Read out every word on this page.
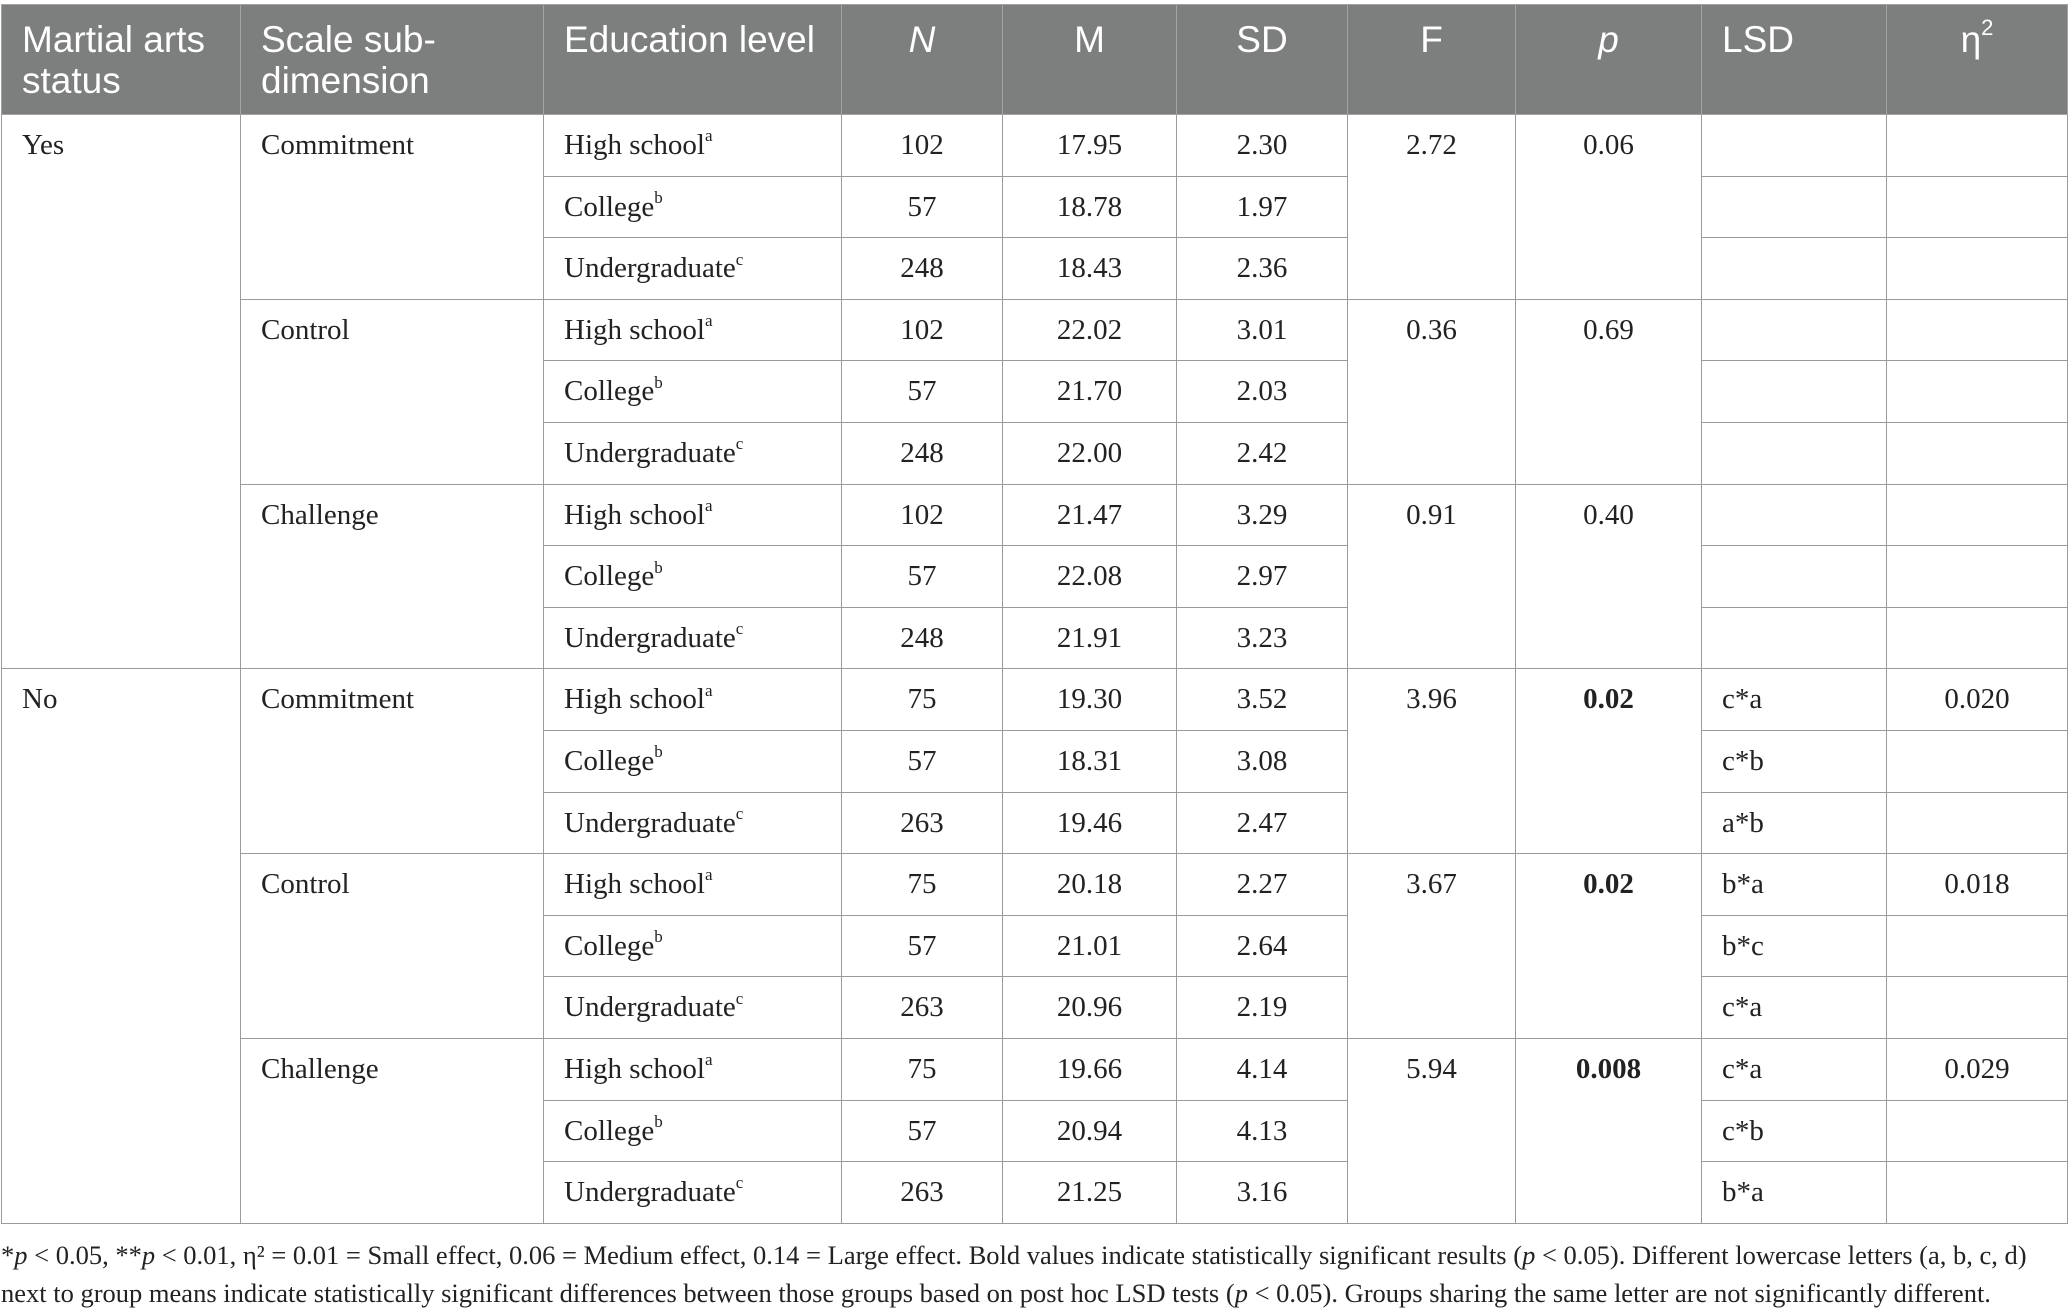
Martial arts status	Scale sub-dimension	Education level	N	M	SD	F	p	LSD	$\eta^2$
Yes	Commitment	High school$^a$	102	17.95	2.30	2.72	0.06		
		College$^b$	57	18.78	1.97				
		Undergraduate$^c$	248	18.43	2.36				
	Control	High school$^a$	102	22.02	3.01	0.36	0.69		
		College$^b$	57	21.70	2.03				
		Undergraduate$^c$	248	22.00	2.42				
	Challenge	High school$^a$	102	21.47	3.29	0.91	0.40		
		College$^b$	57	22.08	2.97				
		Undergraduate$^c$	248	21.91	3.23				
No	Commitment	High school$^a$	75	19.30	3.52	3.96	0.02	c*a	0.020
		College$^b$	57	18.31	3.08			c*b	
		Undergraduate$^c$	263	19.46	2.47			a*b	
	Control	High school$^a$	75	20.18	2.27	3.67	0.02	b*a	0.018
		College$^b$	57	21.01	2.64			b*c	
		Undergraduate$^c$	263	20.96	2.19			c*a	
	Challenge	High school$^a$	75	19.66	4.14	5.94	0.008	c*a	0.029
		College$^b$	57	20.94	4.13			c*b	
		Undergraduate$^c$	263	21.25	3.16			b*a	
*p < 0.05, **p < 0.01, η² = 0.01 = Small effect, 0.06 = Medium effect, 0.14 = Large effect. Bold values indicate statistically significant results (p < 0.05). Different lowercase letters (a, b, c, d) next to group means indicate statistically significant differences between those groups based on post hoc LSD tests (p < 0.05). Groups sharing the same letter are not significantly different.
